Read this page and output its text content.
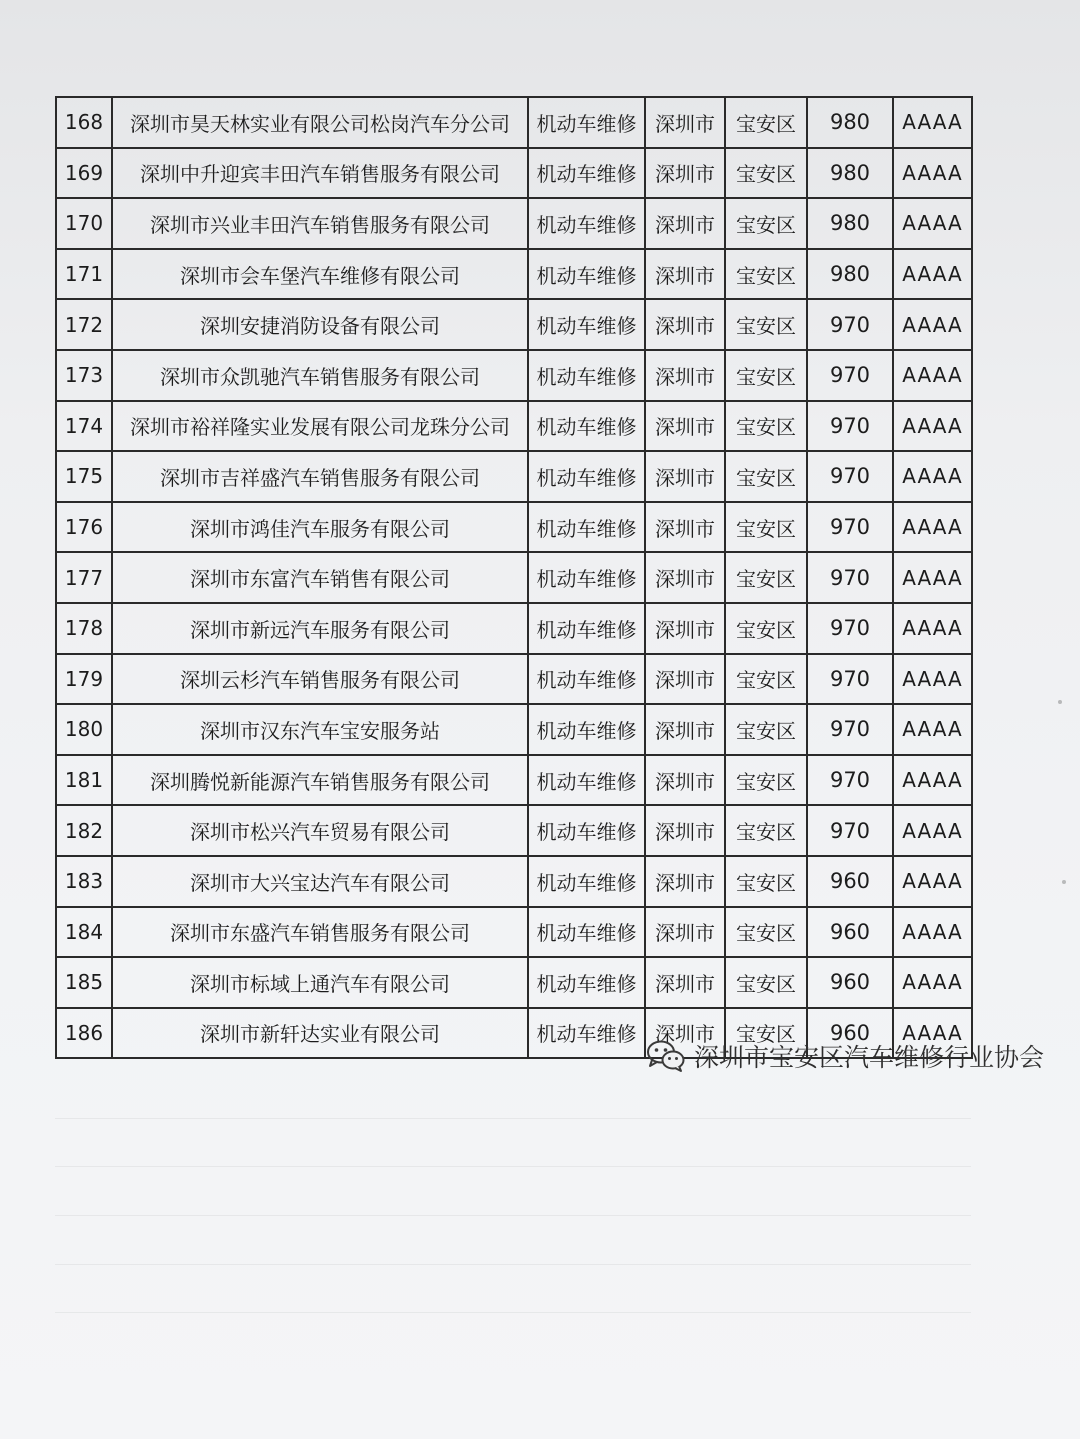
168	深圳市昊天林实业有限公司松岗汽车分公司	机动车维修	深圳市	宝安区	980	AAAA
169	深圳中升迎宾丰田汽车销售服务有限公司	机动车维修	深圳市	宝安区	980	AAAA
170	深圳市兴业丰田汽车销售服务有限公司	机动车维修	深圳市	宝安区	980	AAAA
171	深圳市会车堡汽车维修有限公司	机动车维修	深圳市	宝安区	980	AAAA
172	深圳安捷消防设备有限公司	机动车维修	深圳市	宝安区	970	AAAA
173	深圳市众凯驰汽车销售服务有限公司	机动车维修	深圳市	宝安区	970	AAAA
174	深圳市裕祥隆实业发展有限公司龙珠分公司	机动车维修	深圳市	宝安区	970	AAAA
175	深圳市吉祥盛汽车销售服务有限公司	机动车维修	深圳市	宝安区	970	AAAA
176	深圳市鸿佳汽车服务有限公司	机动车维修	深圳市	宝安区	970	AAAA
177	深圳市东富汽车销售有限公司	机动车维修	深圳市	宝安区	970	AAAA
178	深圳市新远汽车服务有限公司	机动车维修	深圳市	宝安区	970	AAAA
179	深圳云杉汽车销售服务有限公司	机动车维修	深圳市	宝安区	970	AAAA
180	深圳市汉东汽车宝安服务站	机动车维修	深圳市	宝安区	970	AAAA
181	深圳腾悦新能源汽车销售服务有限公司	机动车维修	深圳市	宝安区	970	AAAA
182	深圳市松兴汽车贸易有限公司	机动车维修	深圳市	宝安区	970	AAAA
183	深圳市大兴宝达汽车有限公司	机动车维修	深圳市	宝安区	960	AAAA
184	深圳市东盛汽车销售服务有限公司	机动车维修	深圳市	宝安区	960	AAAA
185	深圳市标域上通汽车有限公司	机动车维修	深圳市	宝安区	960	AAAA
186	深圳市新轩达实业有限公司	机动车维修	深圳市	宝安区	960	AAAA
深圳市宝安区汽车维修行业协会
